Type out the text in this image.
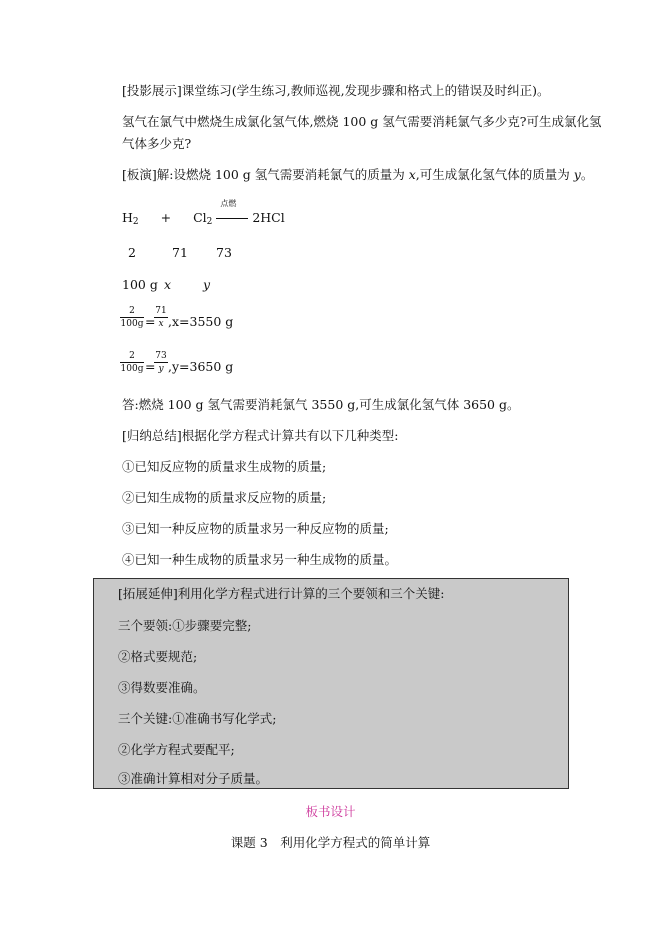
[投影展示]课堂练习(学生练习,教师巡视,发现步骤和格式上的错误及时纠正)。
氢气在氯气中燃烧生成氯化氢气体,燃烧 100 g 氢气需要消耗氯气多少克?可生成氯化氢
气体多少克?
[板演]解:设燃烧 100 g 氢气需要消耗氯气的质量为 x,可生成氯化氢气体的质量为 y。
H2 + Cl2
点燃
2HCl
2	71 73
100 g x	y
2
100g =
71
x ,x=3550 g
2
100g =
73
y ,y=3650 g
答:燃烧 100 g 氢气需要消耗氯气 3550 g,可生成氯化氢气体 3650 g。
[归纳总结]根据化学方程式计算共有以下几种类型:
①已知反应物的质量求生成物的质量;
②已知生成物的质量求反应物的质量;
③已知一种反应物的质量求另一种反应物的质量;
④已知一种生成物的质量求另一种生成物的质量。
[拓展延伸]利用化学方程式进行计算的三个要领和三个关键:
三个要领:①步骤要完整;
②格式要规范;
③得数要准确。
三个关键:①准确书写化学式;
②化学方程式要配平;
③准确计算相对分子质量。
板书设计
课题 3　利用化学方程式的简单计算
